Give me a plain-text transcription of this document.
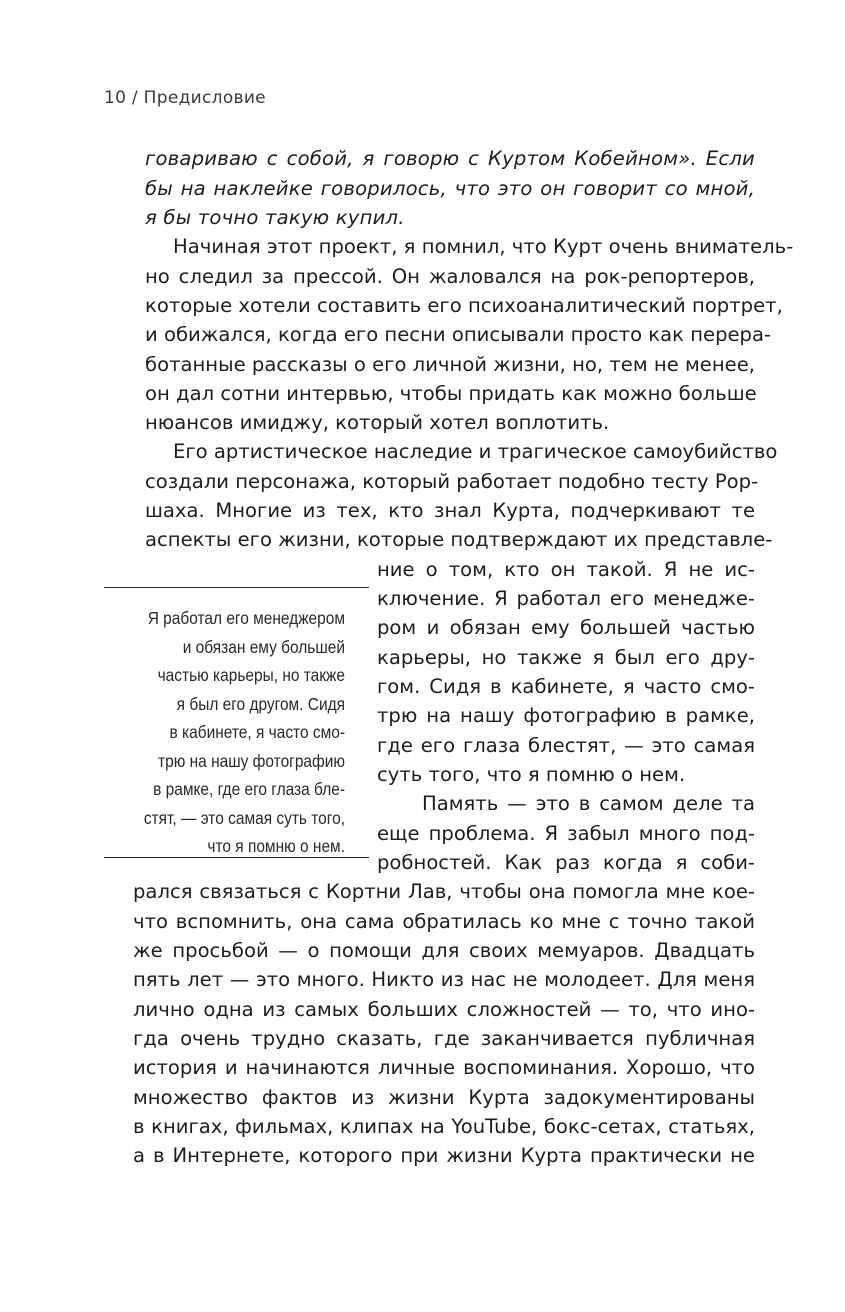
10 / Предисловие
говариваю с собой, я говорю с Куртом Кобейном». Если
бы на наклейке говорилось, что это он говорит со мной,
я бы точно такую купил.
Начиная этот проект, я помнил, что Курт очень вниматель-
но следил за прессой. Он жаловался на рок-репортеров,
которые хотели составить его психоаналитический портрет,
и обижался, когда его песни описывали просто как перера-
ботанные рассказы о его личной жизни, но, тем не менее,
он дал сотни интервью, чтобы придать как можно больше
нюансов имиджу, который хотел воплотить.
Его артистическое наследие и трагическое самоубийство
создали персонажа, который работает подобно тесту Рор-
шаха. Многие из тех, кто знал Курта, подчеркивают те
аспекты его жизни, которые подтверждают их представле-
ние о том, кто он такой. Я не ис-
ключение. Я работал его менедже-
ром и обязан ему большей частью
карьеры, но также я был его дру-
гом. Сидя в кабинете, я часто смо-
трю на нашу фотографию в рамке,
где его глаза блестят, — это самая
суть того, что я помню о нем.
Память — это в самом деле та
еще проблема. Я забыл много под-
робностей. Как раз когда я соби-
рался связаться с Кортни Лав, чтобы она помогла мне кое-
что вспомнить, она сама обратилась ко мне с точно такой
же просьбой — о помощи для своих мемуаров. Двадцать
пять лет — это много. Никто из нас не молодеет. Для меня
лично одна из самых больших сложностей — то, что ино-
гда очень трудно сказать, где заканчивается публичная
история и начинаются личные воспоминания. Хорошо, что
множество фактов из жизни Курта задокументированы
в книгах, фильмах, клипах на YouTube, бокс-сетах, статьях,
а в Интернете, которого при жизни Курта практически не
Я работал его менеджером
и обязан ему большей
частью карьеры, но также
я был его другом. Сидя
в кабинете, я часто смо-
трю на нашу фотографию
в рамке, где его глаза бле-
стят, — это самая суть того,
что я помню о нем.
